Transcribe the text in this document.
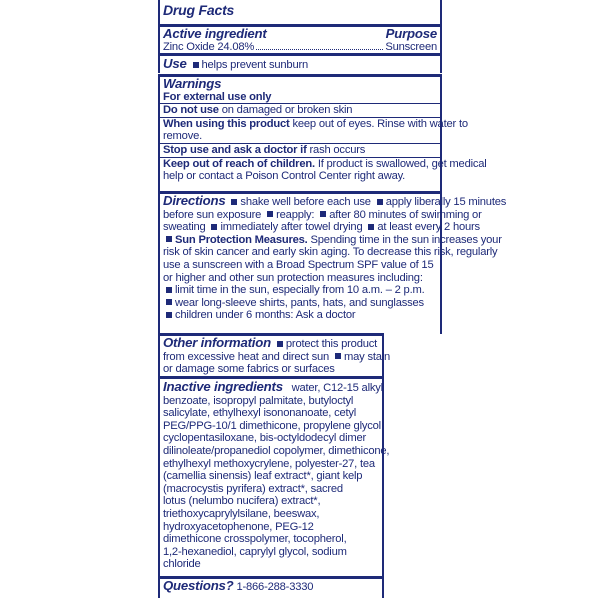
Drug Facts
Active ingredient	Purpose
Zinc Oxide 24.08%	Sunscreen
Use helps prevent sunburn
Warnings
For external use only
Do not use on damaged or broken skin
When using this product keep out of eyes. Rinse with water to
remove.
Stop use and ask a doctor if rash occurs
Keep out of reach of children. If product is swallowed, get medical
help or contact a Poison Control Center right away.
Directions shake well before each use apply liberally 15 minutes
before sun exposure reapply: after 80 minutes of swimming or
sweating immediately after towel drying at least every 2 hours
Sun Protection Measures. Spending time in the sun increases your
risk of skin cancer and early skin aging. To decrease this risk, regularly
use a sunscreen with a Broad Spectrum SPF value of 15
or higher and other sun protection measures including:
limit time in the sun, especially from 10 a.m. – 2 p.m.
wear long-sleeve shirts, pants, hats, and sunglasses
children under 6 months: Ask a doctor
Other information protect this product
from excessive heat and direct sun may stain
or damage some fabrics or surfaces
Inactive ingredients water, C12-15 alkyl
benzoate, isopropyl palmitate, butyloctyl
salicylate, ethylhexyl isononanoate, cetyl
PEG/PPG-10/1 dimethicone, propylene glycol,
cyclopentasiloxane, bis-octyldodecyl dimer
dilinoleate/propanediol copolymer, dimethicone,
ethylhexyl methoxycrylene, polyester-27, tea
(camellia sinensis) leaf extract*, giant kelp
(macrocystis pyrifera) extract*, sacred
lotus (nelumbo nucifera) extract*,
triethoxycaprylylsilane, beeswax,
hydroxyacetophenone, PEG-12
dimethicone crosspolymer, tocopherol,
1,2-hexanediol, caprylyl glycol, sodium
chloride
Questions? 1-866-288-3330
